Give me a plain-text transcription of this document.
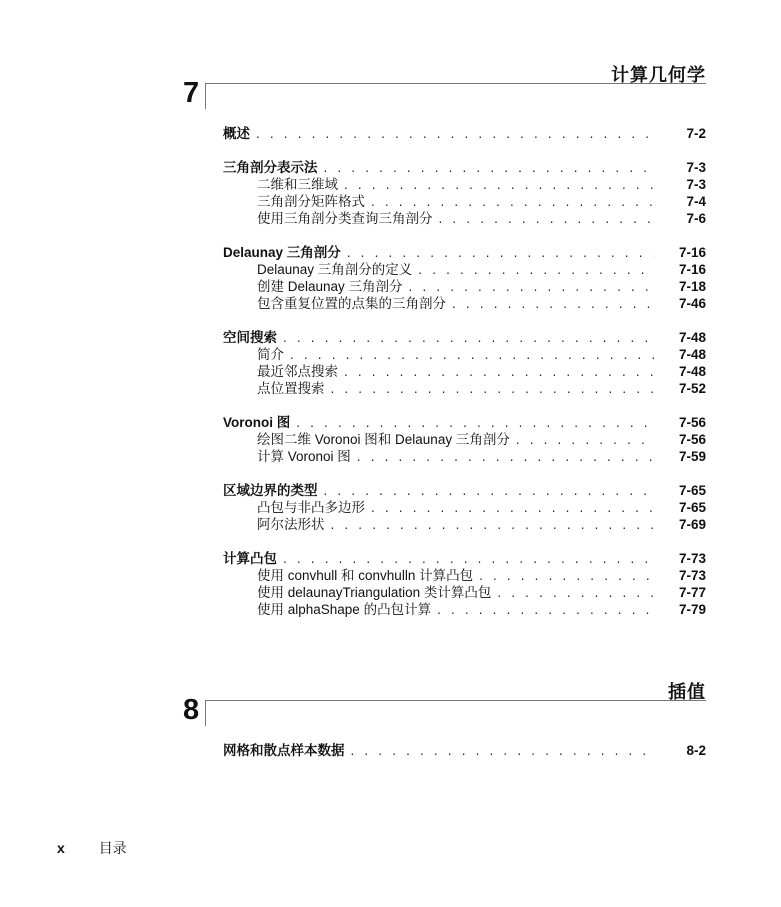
计算几何学
7
概述 . . .	7-2
三角剖分表示法 . . .	7-3
二维和三维域 . . .	7-3
三角剖分矩阵格式 . . .	7-4
使用三角剖分类查询三角剖分 . . .	7-6
Delaunay 三角剖分 . . .	7-16
Delaunay 三角剖分的定义 . . .	7-16
创建 Delaunay 三角剖分 . . .	7-18
包含重复位置的点集的三角剖分 . . .	7-46
空间搜索 . . .	7-48
简介 . . .	7-48
最近邻点搜索 . . .	7-48
点位置搜索 . . .	7-52
Voronoi 图 . . .	7-56
绘图二维 Voronoi 图和 Delaunay 三角剖分 . . .	7-56
计算 Voronoi 图 . . .	7-59
区域边界的类型 . . .	7-65
凸包与非凸多边形 . . .	7-65
阿尔法形状 . . .	7-69
计算凸包 . . .	7-73
使用 convhull 和 convhulln 计算凸包 . . .	7-73
使用 delaunayTriangulation 类计算凸包 . . .	7-77
使用 alphaShape 的凸包计算 . . .	7-79
插值
8
网格和散点样本数据 . . .	8-2
x 目录
